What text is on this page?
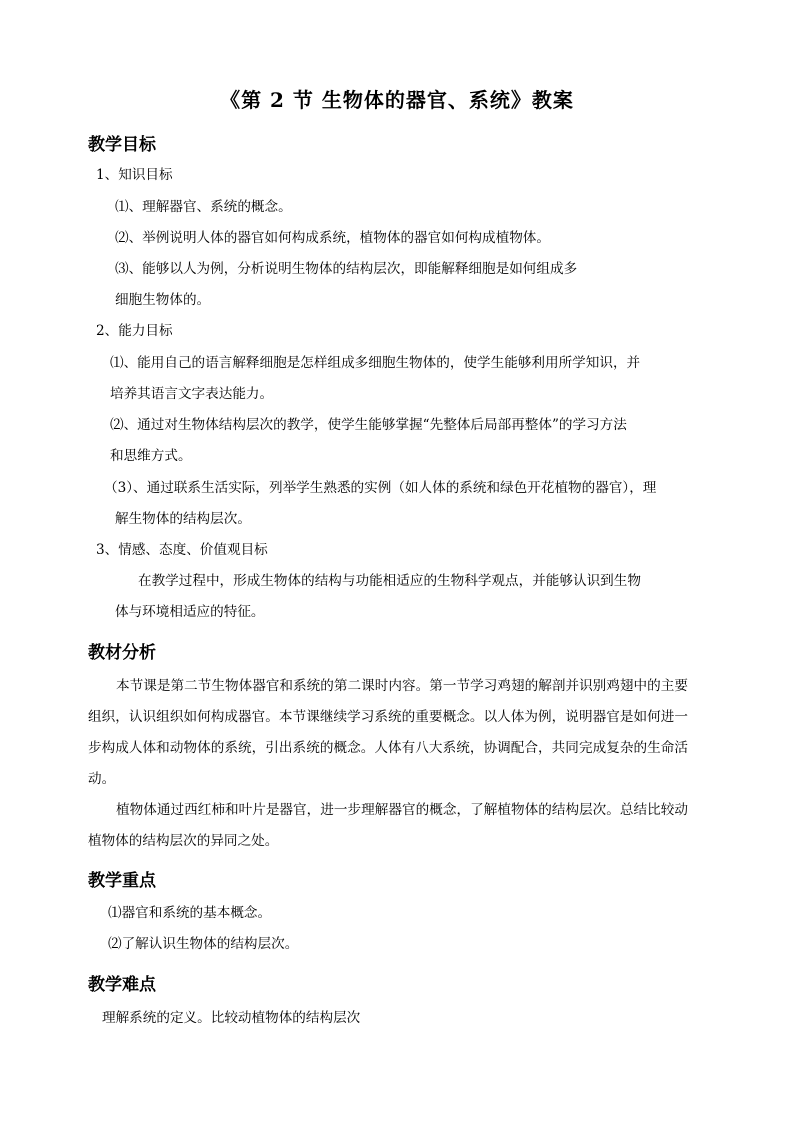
《第 2 节 生物体的器官、系统》教案
教学目标

1、知识目标

⑴、理解器官、系统的概念。

⑵、举例说明人体的器官如何构成系统，植物体的器官如何构成植物体。

⑶、能够以人为例，分析说明生物体的结构层次，即能解释细胞是如何组成多

细胞生物体的。

2、能力目标

⑴、能用自己的语言解释细胞是怎样组成多细胞生物体的，使学生能够利用所学知识，并

培养其语言文字表达能力。

⑵、通过对生物体结构层次的教学，使学生能够掌握“先整体后局部再整体”的学习方法

和思维方式。

（3）、通过联系生活实际，列举学生熟悉的实例（如人体的系统和绿色开花植物的器官），理

解生物体的结构层次。

3、情感、态度、价值观目标

在教学过程中，形成生物体的结构与功能相适应的生物科学观点，并能够认识到生物

体与环境相适应的特征。

教材分析

本节课是第二节生物体器官和系统的第二课时内容。第一节学习鸡翅的解剖并识别鸡翅中的主要组织，认识组织如何构成器官。本节课继续学习系统的重要概念。以人体为例，说明器官是如何进一步构成人体和动物体的系统，引出系统的概念。人体有八大系统，协调配合，共同完成复杂的生命活动。

植物体通过西红柿和叶片是器官，进一步理解器官的概念，了解植物体的结构层次。总结比较动植物体的结构层次的异同之处。

教学重点

⑴器官和系统的基本概念。

⑵了解认识生物体的结构层次。

教学难点

理解系统的定义。比较动植物体的结构层次
